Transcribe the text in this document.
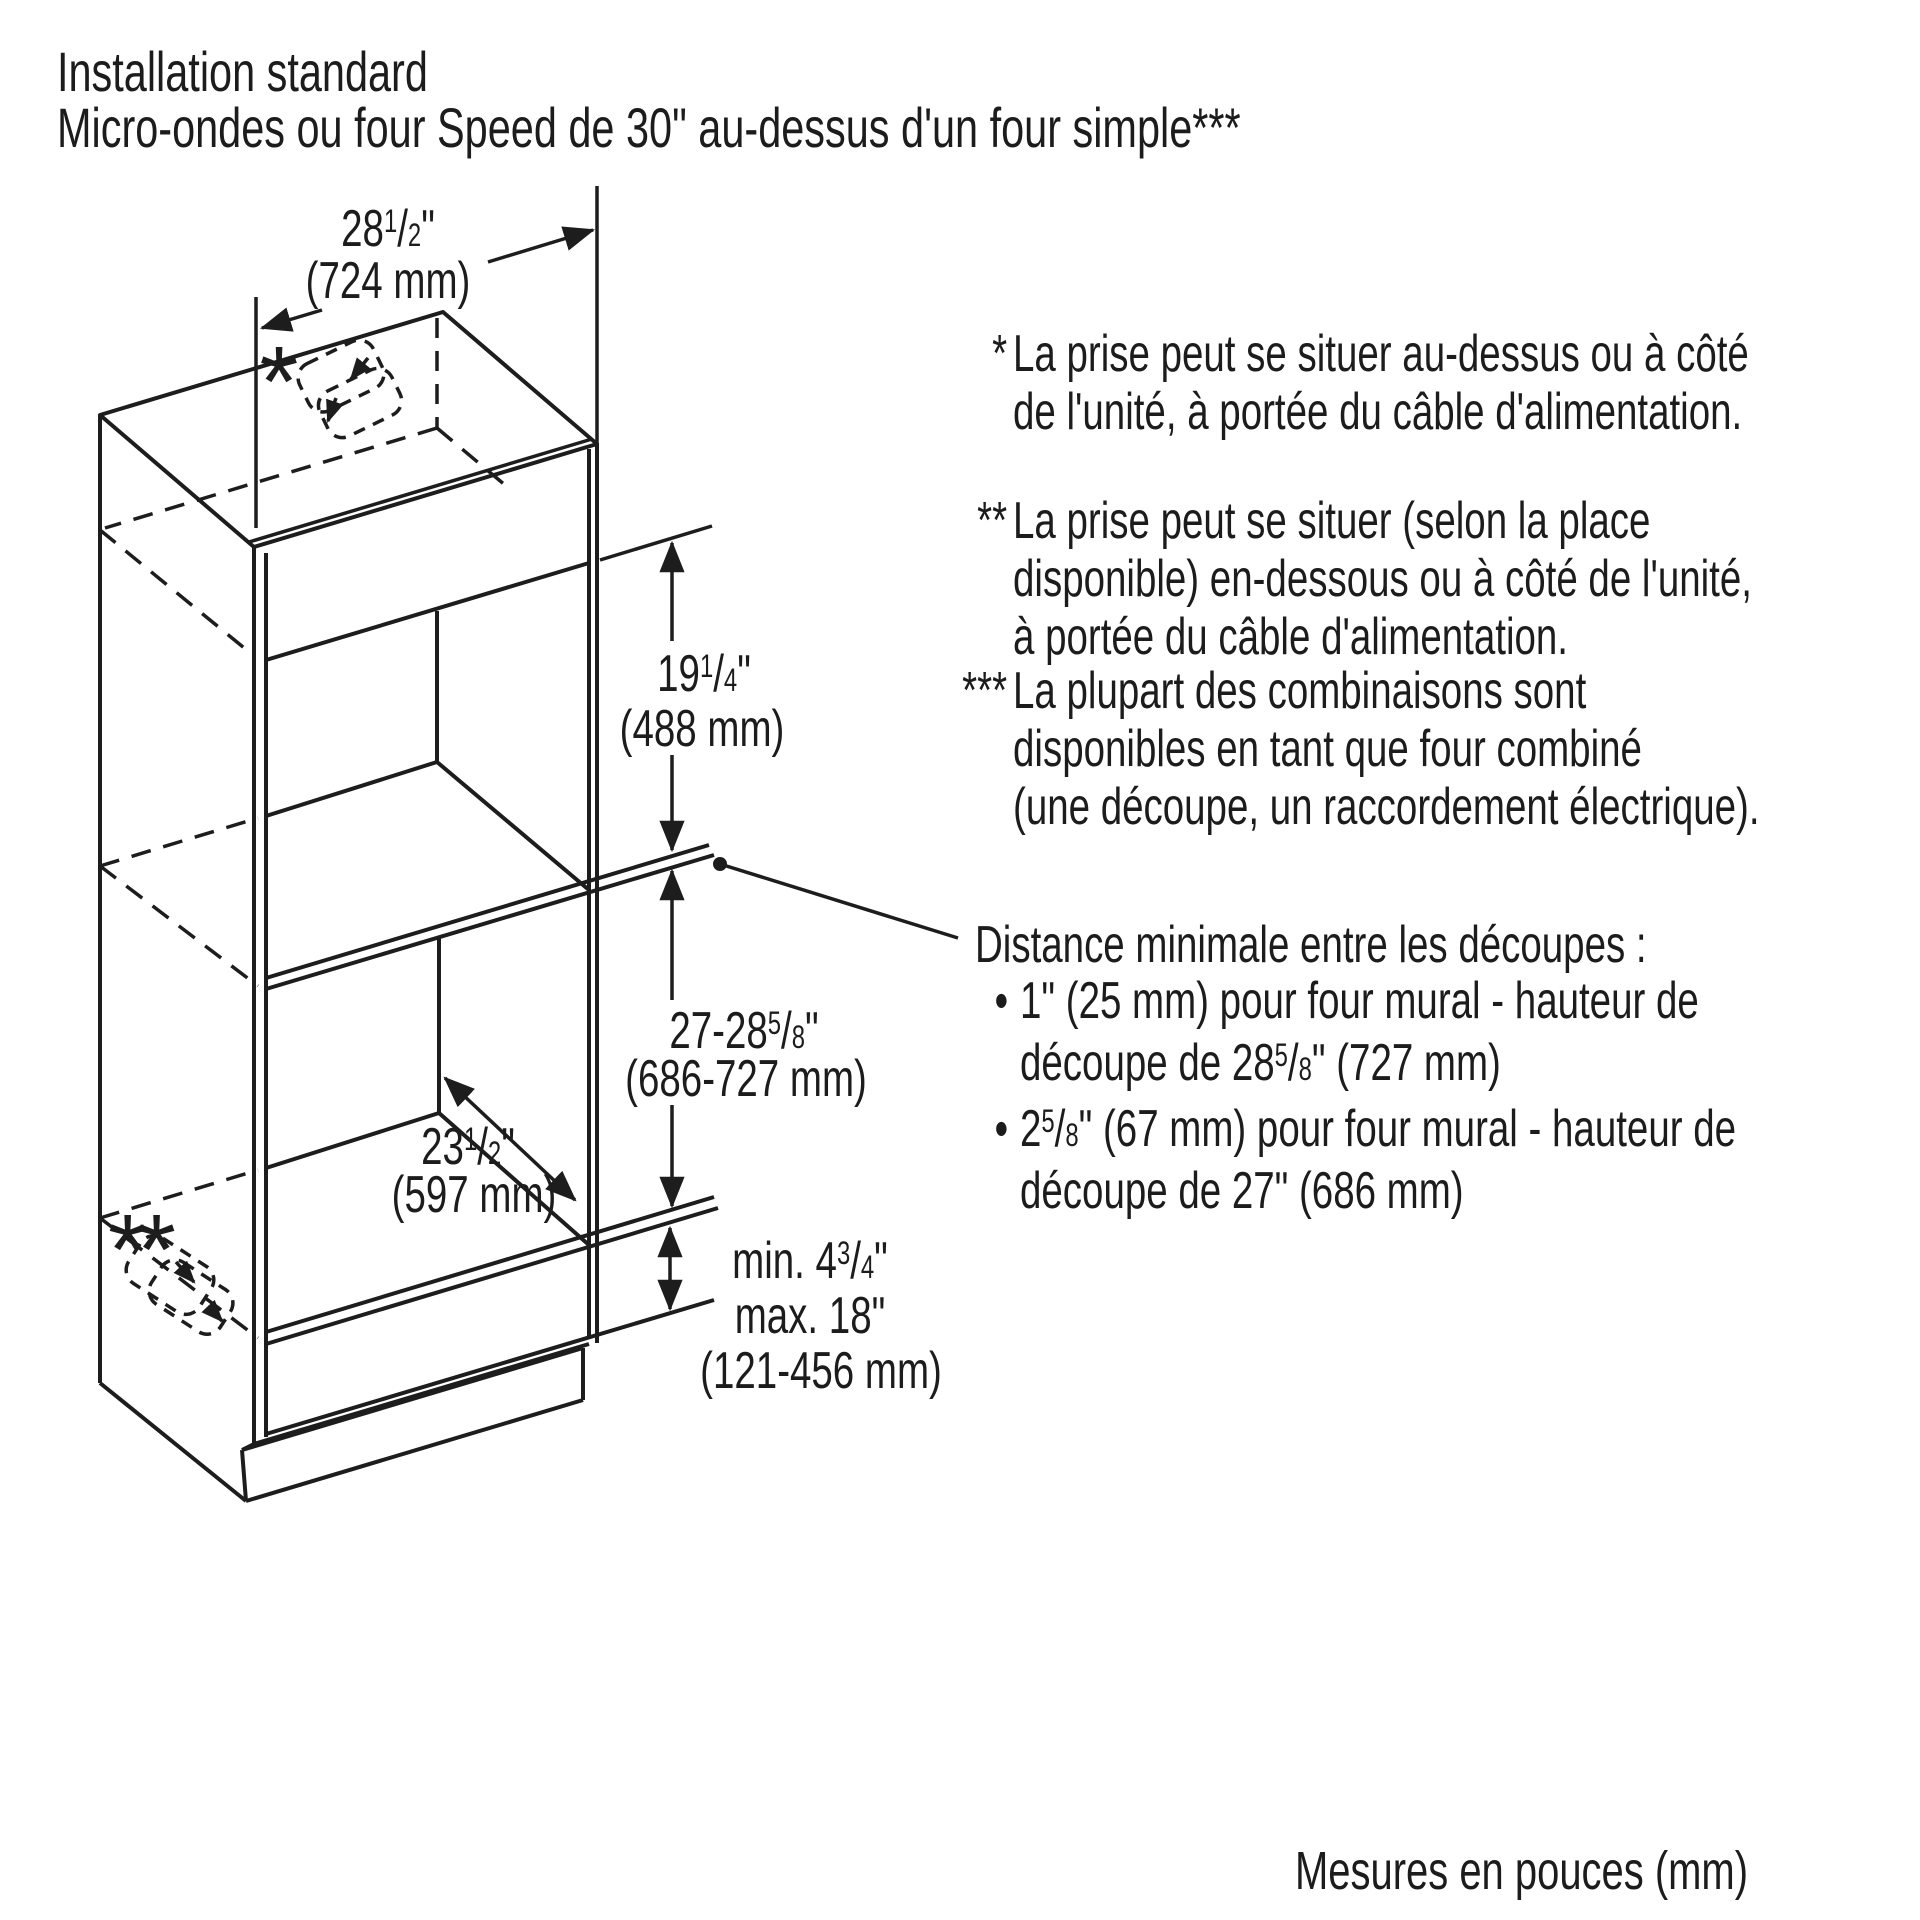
*
**
Installation standard
Micro-ondes ou four Speed de 30" au-dessus d'un four simple***
$28^1/2$"
(724 mm)
$19^1/4$"
(488 mm)
$27-28^5/8$"
(686-727 mm)
$23^1/2$"
(597 mm)
min. $4^3/4$"
max. 18"
(121-456 mm)
* La prise peut se situer au-dessus ou à côté
de l'unité, à portée du câble d'alimentation.
** La prise peut se situer (selon la place
disponible) en-dessous ou à côté de l'unité,
à portée du câble d'alimentation.
*** La plupart des combinaisons sont
disponibles en tant que four combiné
(une découpe, un raccordement électrique).
Distance minimale entre les découpes :
• 1" (25 mm) pour four mural - hauteur de
découpe de $28^5/8$" (727 mm)
• $2^5/8$" (67 mm) pour four mural - hauteur de
découpe de 27" (686 mm)
Mesures en pouces (mm)
